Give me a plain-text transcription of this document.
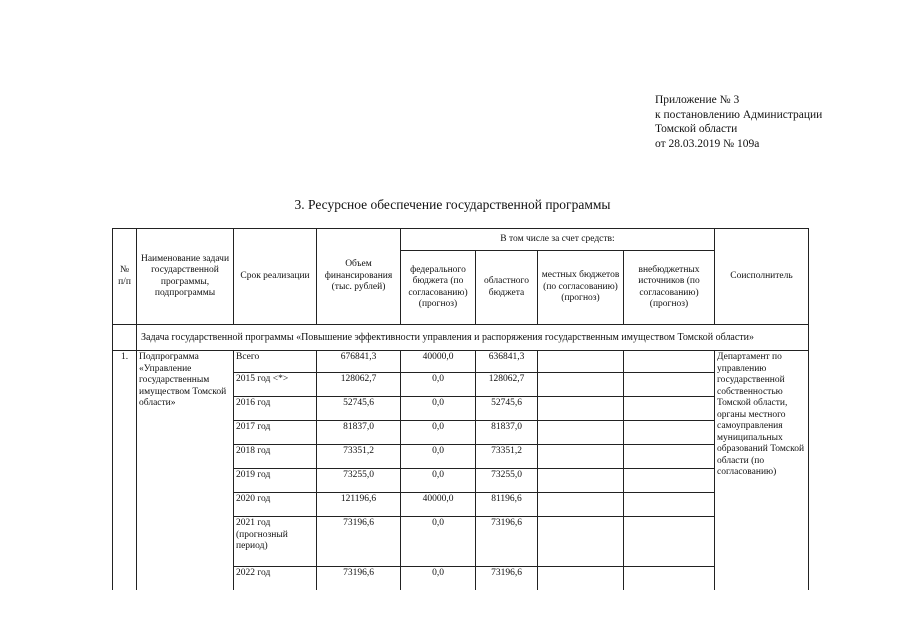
Приложение № 3
к постановлению Администрации
Томской области
от 28.03.2019 № 109а
3. Ресурсное обеспечение государственной программы
№ п/п	Наименование задачи государственной программы, подпрограммы	Срок реализации	Объем финансирования (тыс. рублей)	В том числе за счет средств:				Соисполнитель
				федерального бюджета (по согласованию) (прогноз)	областного бюджета	местных бюджетов (по согласованию) (прогноз)	внебюджетных источников (по согласованию) (прогноз)	
	Задача государственной программы «Повышение эффективности управления и распоряжения государственным имуществом Томской области»							
1.	Подпрограмма «Управление государственным имуществом Томской области»	Всего	676841,3	40000,0	636841,3			Департамент по управлению государственной собственностью Томской области, органы местного самоуправления муниципальных образований Томской области (по согласованию)
		2015 год <*>	128062,7	0,0	128062,7			
		2016 год	52745,6	0,0	52745,6			
		2017 год	81837,0	0,0	81837,0			
		2018 год	73351,2	0,0	73351,2			
		2019 год	73255,0	0,0	73255,0			
		2020 год	121196,6	40000,0	81196,6			
		2021 год (прогнозный период)	73196,6	0,0	73196,6			
		2022 год	73196,6	0,0	73196,6			
